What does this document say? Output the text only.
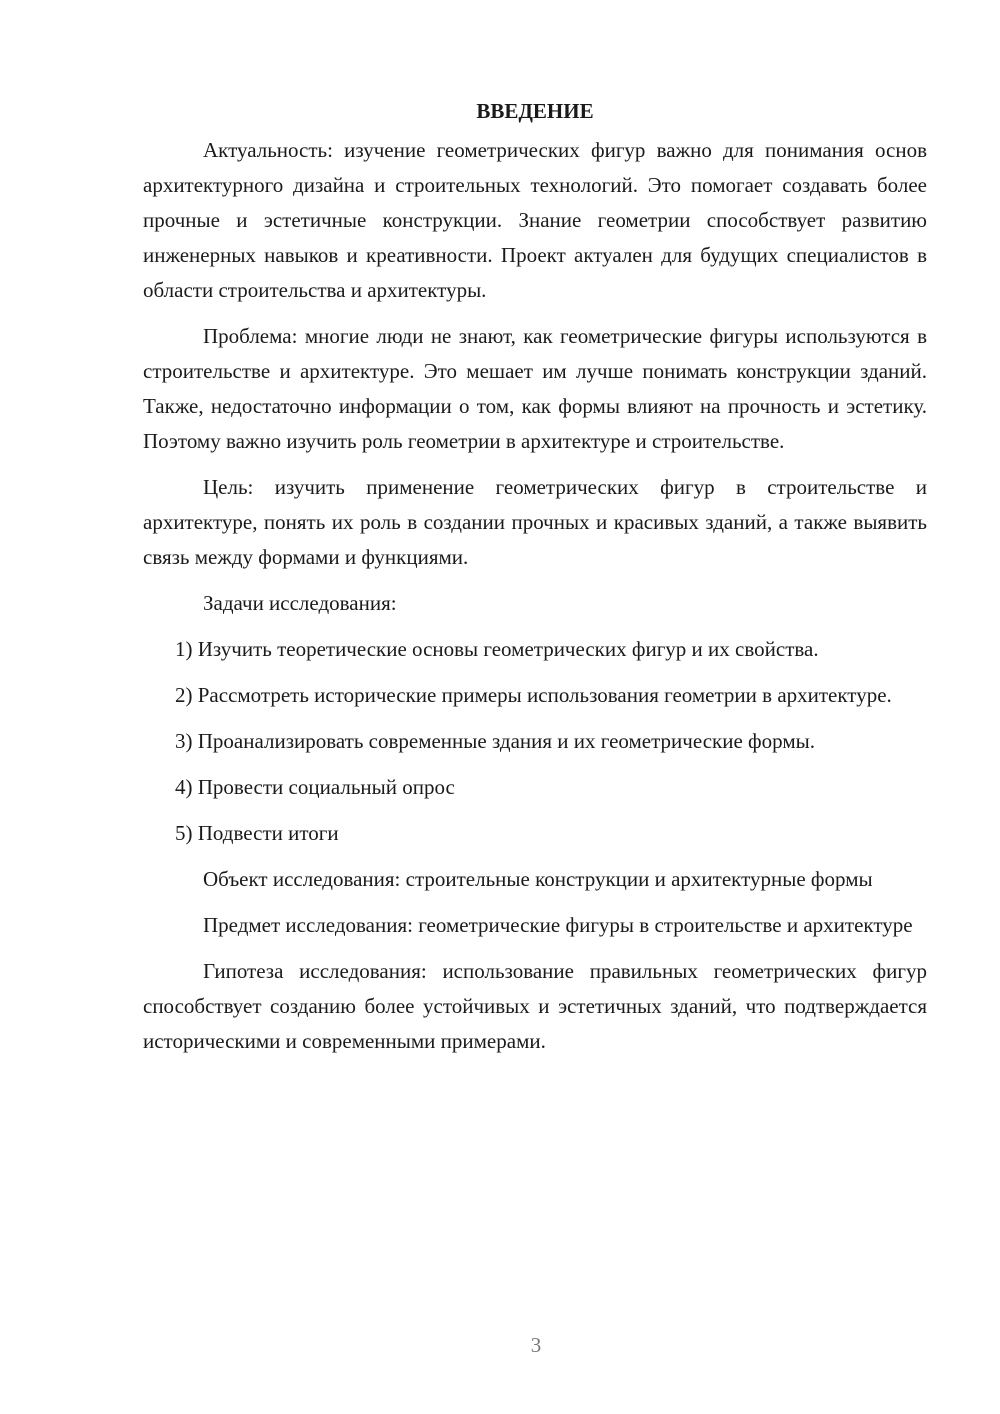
ВВЕДЕНИЕ

Актуальность: изучение геометрических фигур важно для понимания основ архитектурного дизайна и строительных технологий. Это помогает создавать более прочные и эстетичные конструкции. Знание геометрии способствует развитию инженерных навыков и креативности. Проект актуален для будущих специалистов в области строительства и архитектуры.

Проблема: многие люди не знают, как геометрические фигуры используются в строительстве и архитектуре. Это мешает им лучше понимать конструкции зданий. Также, недостаточно информации о том, как формы влияют на прочность и эстетику. Поэтому важно изучить роль геометрии в архитектуре и строительстве.

Цель: изучить применение геометрических фигур в строительстве и архитектуре, понять их роль в создании прочных и красивых зданий, а также выявить связь между формами и функциями.

Задачи исследования:

1) Изучить теоретические основы геометрических фигур и их свойства.

2) Рассмотреть исторические примеры использования геометрии в архитектуре.

3) Проанализировать современные здания и их геометрические формы.

4) Провести социальный опрос

5) Подвести итоги

Объект исследования: строительные конструкции и архитектурные формы

Предмет исследования: геометрические фигуры в строительстве и архитектуре

Гипотеза исследования: использование правильных геометрических фигур способствует созданию более устойчивых и эстетичных зданий, что подтверждается историческими и современными примерами.

3
